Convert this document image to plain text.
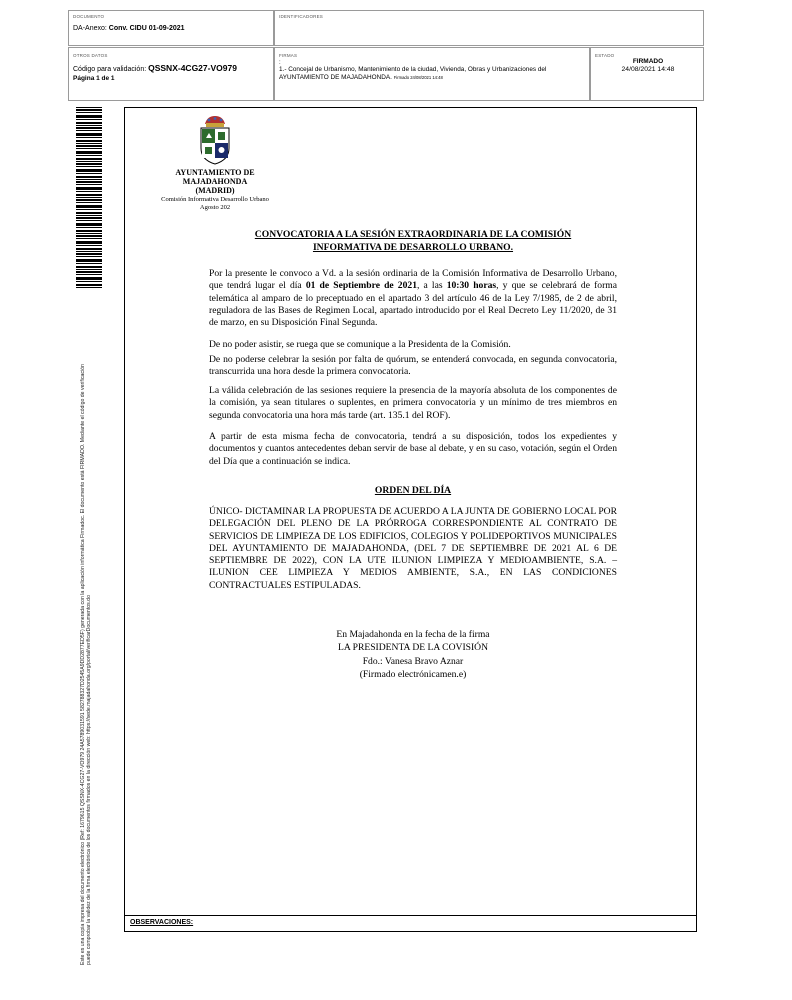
DOCUMENTO
DA-Anexo: Conv. CIDU 01-09-2021
IDENTIFICADORES
OTROS DATOS
Código para validación: QSSNX-4CG27-VO979
Página 1 de 1
FIRMAS
:
1.- Concejal de Urbanismo, Mantenimiento de la ciudad, Vivienda, Obras y Urbanizaciones del AYUNTAMIENTO DE MAJADAHONDA. Firmado 24/08/2021 14:48
ESTADO
FIRMADO
24/08/2021 14:48
Este es una copia impresa del documento electrónico (Ref: 1679615 QSSNX-4CG27-VO979 24A5789031591 582788327D2545A9DD2877ED5F) generada con la aplicación informática Firmadoc. El documento está FIRMADO. Mediante el código de verificación puede comprobar la validez de la firma electrónica de los documentos firmados en la dirección web: https://sede.majadahonda.org/portal/verificarDocumentos.do
AYUNTAMIENTO DE
MAJADAHONDA
(MADRID)
Comisión Informativa Desarrollo Urbano
Agosto 202
CONVOCATORIA A LA SESIÓN EXTRAORDINARIA DE LA COMISIÓN
INFORMATIVA DE DESARROLLO URBANO.
Por la presente le convoco a Vd. a la sesión ordinaria de la Comisión Informativa de Desarrollo Urbano, que tendrá lugar el día 01 de Septiembre de 2021, a las 10:30 horas, y que se celebrará de forma telemática al amparo de lo preceptuado en el apartado 3 del artículo 46 de la Ley 7/1985, de 2 de abril, reguladora de las Bases de Regimen Local, apartado introducido por el Real Decreto Ley 11/2020, de 31 de marzo, en su Disposición Final Segunda.
De no poder asistir, se ruega que se comunique a la Presidenta de la Comisión.
De no poderse celebrar la sesión por falta de quórum, se entenderá convocada, en segunda convocatoria, transcurrida una hora desde la primera convocatoria.
La válida celebración de las sesiones requiere la presencia de la mayoría absoluta de los componentes de la comisión, ya sean titulares o suplentes, en primera convocatoria y un mínimo de tres miembros en segunda convocatoria una hora más tarde (art. 135.1 del ROF).
A partir de esta misma fecha de convocatoria, tendrá a su disposición, todos los expedientes y documentos y cuantos antecedentes deban servir de base al debate, y en su caso, votación, según el Orden del Día que a continuación se indica.
ORDEN DEL DÍA
ÚNICO- DICTAMINAR LA PROPUESTA DE ACUERDO A LA JUNTA DE GOBIERNO LOCAL POR DELEGACIÓN DEL PLENO DE LA PRÓRROGA CORRESPONDIENTE AL CONTRATO DE SERVICIOS DE LIMPIEZA DE LOS EDIFICIOS, COLEGIOS Y POLIDEPORTIVOS MUNICIPALES DEL AYUNTAMIENTO DE MAJADAHONDA, (DEL 7 DE SEPTIEMBRE DE 2021 AL 6 DE SEPTIEMBRE DE 2022), CON LA UTE ILUNION LIMPIEZA Y MEDIOAMBIENTE, S.A. – ILUNION CEE LIMPIEZA Y MEDIOS AMBIENTE, S.A., EN LAS CONDICIONES CONTRACTUALES ESTIPULADAS.
En Majadahonda en la fecha de la firma
LA PRESIDENTA DE LA COVISIÓN
Fdo.: Vanesa Bravo Aznar
(Firmado electrónicamen.e)
OBSERVACIONES:
